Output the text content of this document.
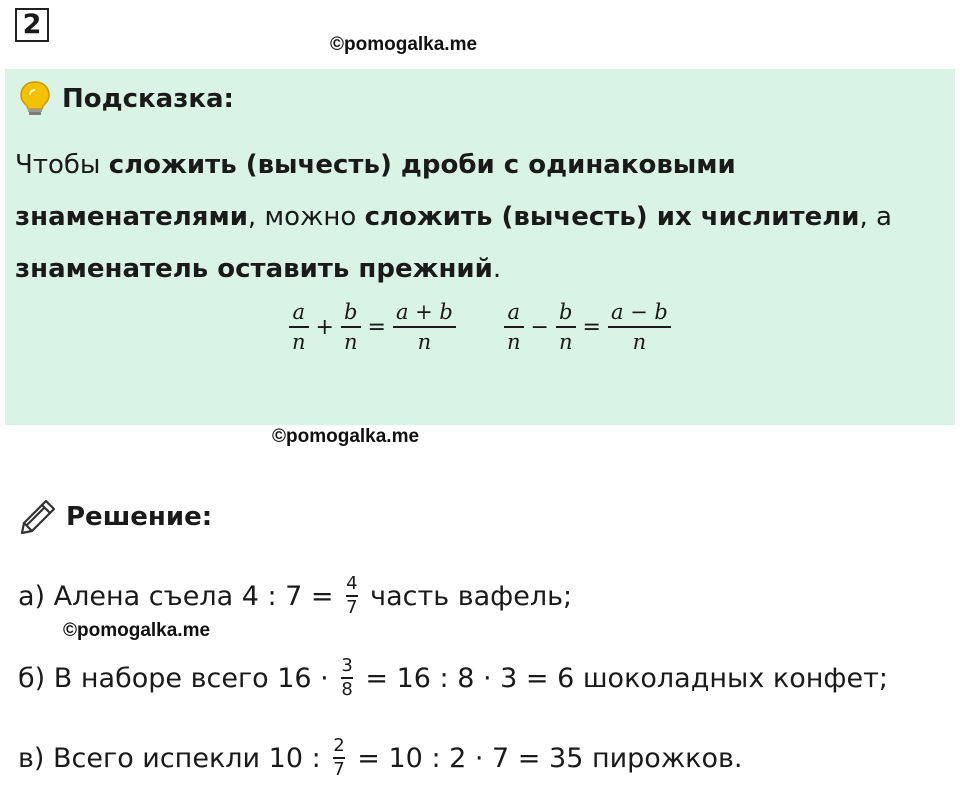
2
©pomogalka.me
Подсказка:
Чтобы сложить (вычесть) дроби с одинаковыми знаменателями, можно сложить (вычесть) их числители, а знаменатель оставить прежний.
$\frac{a}{n} + \frac{b}{n} = \frac{a + b}{n} \frac{a}{n} - \frac{b}{n} = \frac{a - b}{n}$
©pomogalka.me
Решение:
а) Алена съела 4 : 7 = 4
7 часть вафель;
©pomogalka.me
б) В наборе всего 16 · 3
8 = 16 : 8 · 3 = 6 шоколадных конфет;
в) Всего испекли 10 : 2
7 = 10 : 2 · 7 = 35 пирожков.
